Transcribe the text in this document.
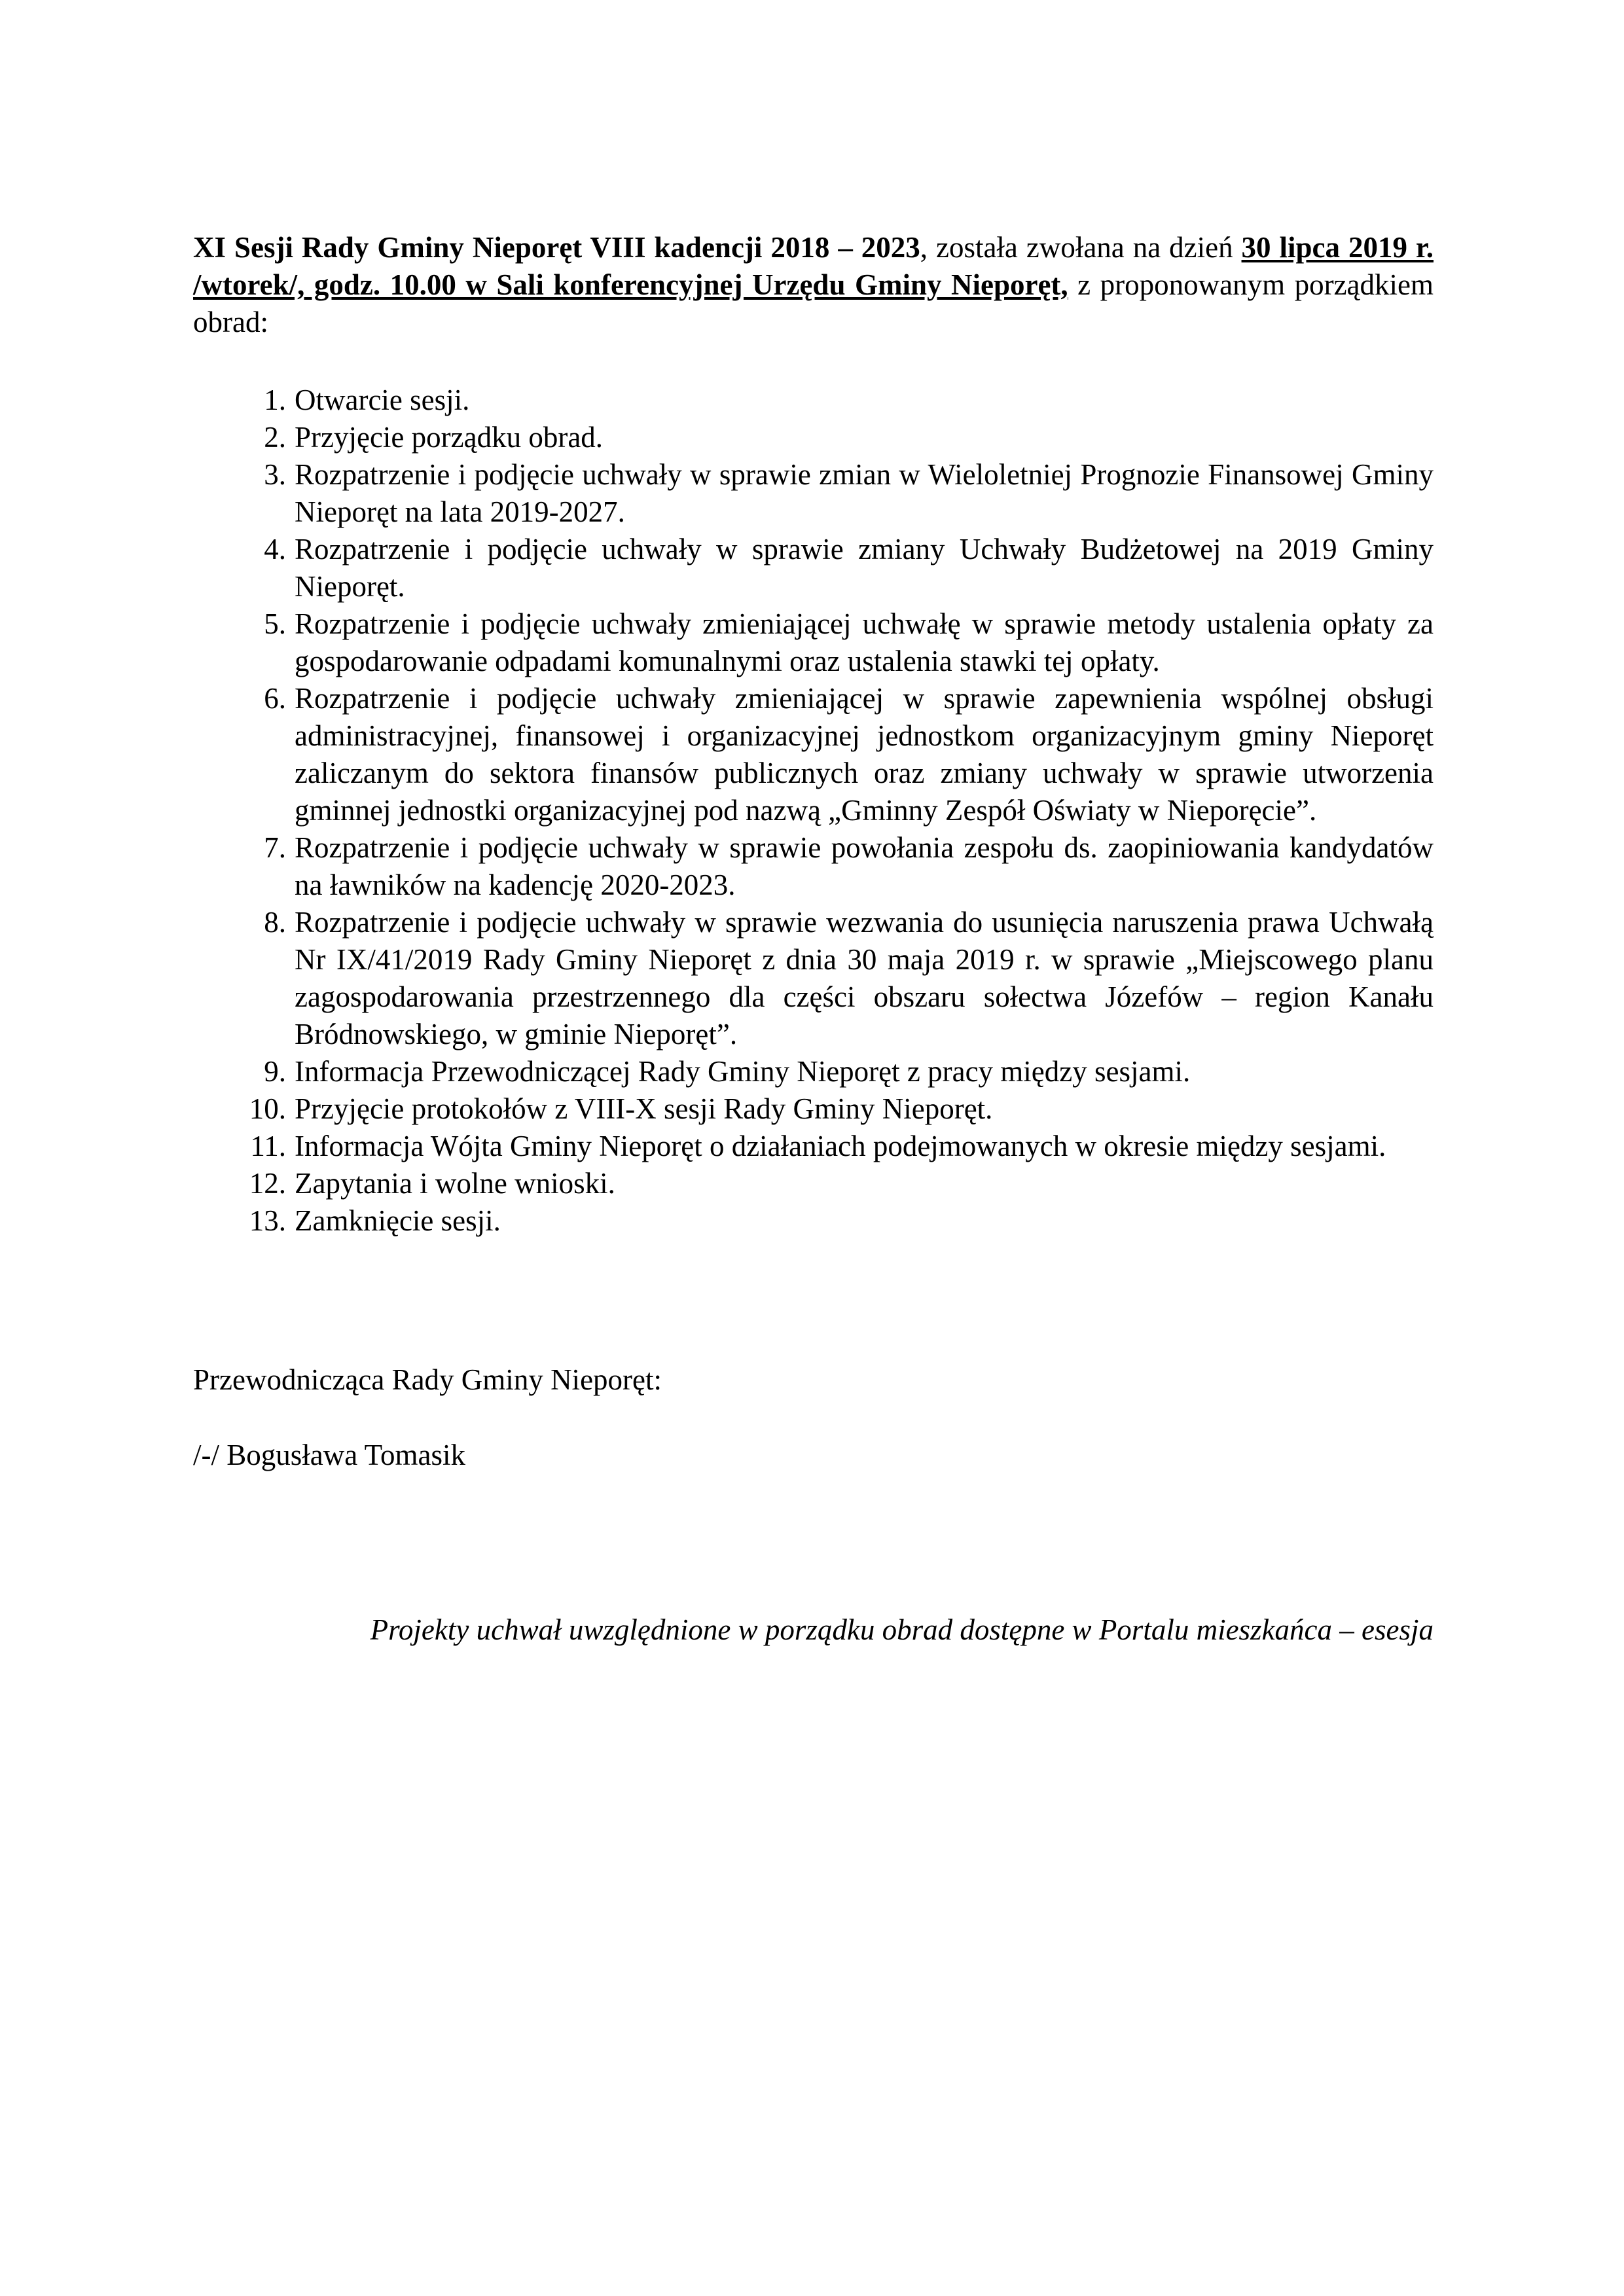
XI Sesji Rady Gminy Nieporęt VIII kadencji 2018 – 2023, została zwołana na dzień 30 lipca 2019 r. /wtorek/, godz. 10.00 w Sali konferencyjnej Urzędu Gminy Nieporęt, z proponowanym porządkiem obrad:

1. Otwarcie sesji.
2. Przyjęcie porządku obrad.
3. Rozpatrzenie i podjęcie uchwały w sprawie zmian w Wieloletniej Prognozie Finansowej Gminy Nieporęt na lata 2019-2027.
4. Rozpatrzenie i podjęcie uchwały w sprawie zmiany Uchwały Budżetowej na 2019 Gminy Nieporęt.
5. Rozpatrzenie i podjęcie uchwały zmieniającej uchwałę w sprawie metody ustalenia opłaty za gospodarowanie odpadami komunalnymi oraz ustalenia stawki tej opłaty.
6. Rozpatrzenie i podjęcie uchwały zmieniającej w sprawie zapewnienia wspólnej obsługi administracyjnej, finansowej i organizacyjnej jednostkom organizacyjnym gminy Nieporęt zaliczanym do sektora finansów publicznych oraz zmiany uchwały w sprawie utworzenia gminnej jednostki organizacyjnej pod nazwą „Gminny Zespół Oświaty w Nieporęcie”.
7. Rozpatrzenie i podjęcie uchwały w sprawie powołania zespołu ds. zaopiniowania kandydatów na ławników na kadencję 2020-2023.
8. Rozpatrzenie i podjęcie uchwały w sprawie wezwania do usunięcia naruszenia prawa Uchwałą Nr IX/41/2019 Rady Gminy Nieporęt z dnia 30 maja 2019 r. w sprawie „Miejscowego planu zagospodarowania przestrzennego dla części obszaru sołectwa Józefów – region Kanału Bródnowskiego, w gminie Nieporęt”.
9. Informacja Przewodniczącej Rady Gminy Nieporęt z pracy między sesjami.
10. Przyjęcie protokołów z VIII-X sesji Rady Gminy Nieporęt.
11. Informacja Wójta Gminy Nieporęt o działaniach podejmowanych w okresie między sesjami.
12. Zapytania i wolne wnioski.
13. Zamknięcie sesji.

Przewodnicząca Rady Gminy Nieporęt:

/-/ Bogusława Tomasik

Projekty uchwał uwzględnione w porządku obrad dostępne w Portalu mieszkańca – esesja
